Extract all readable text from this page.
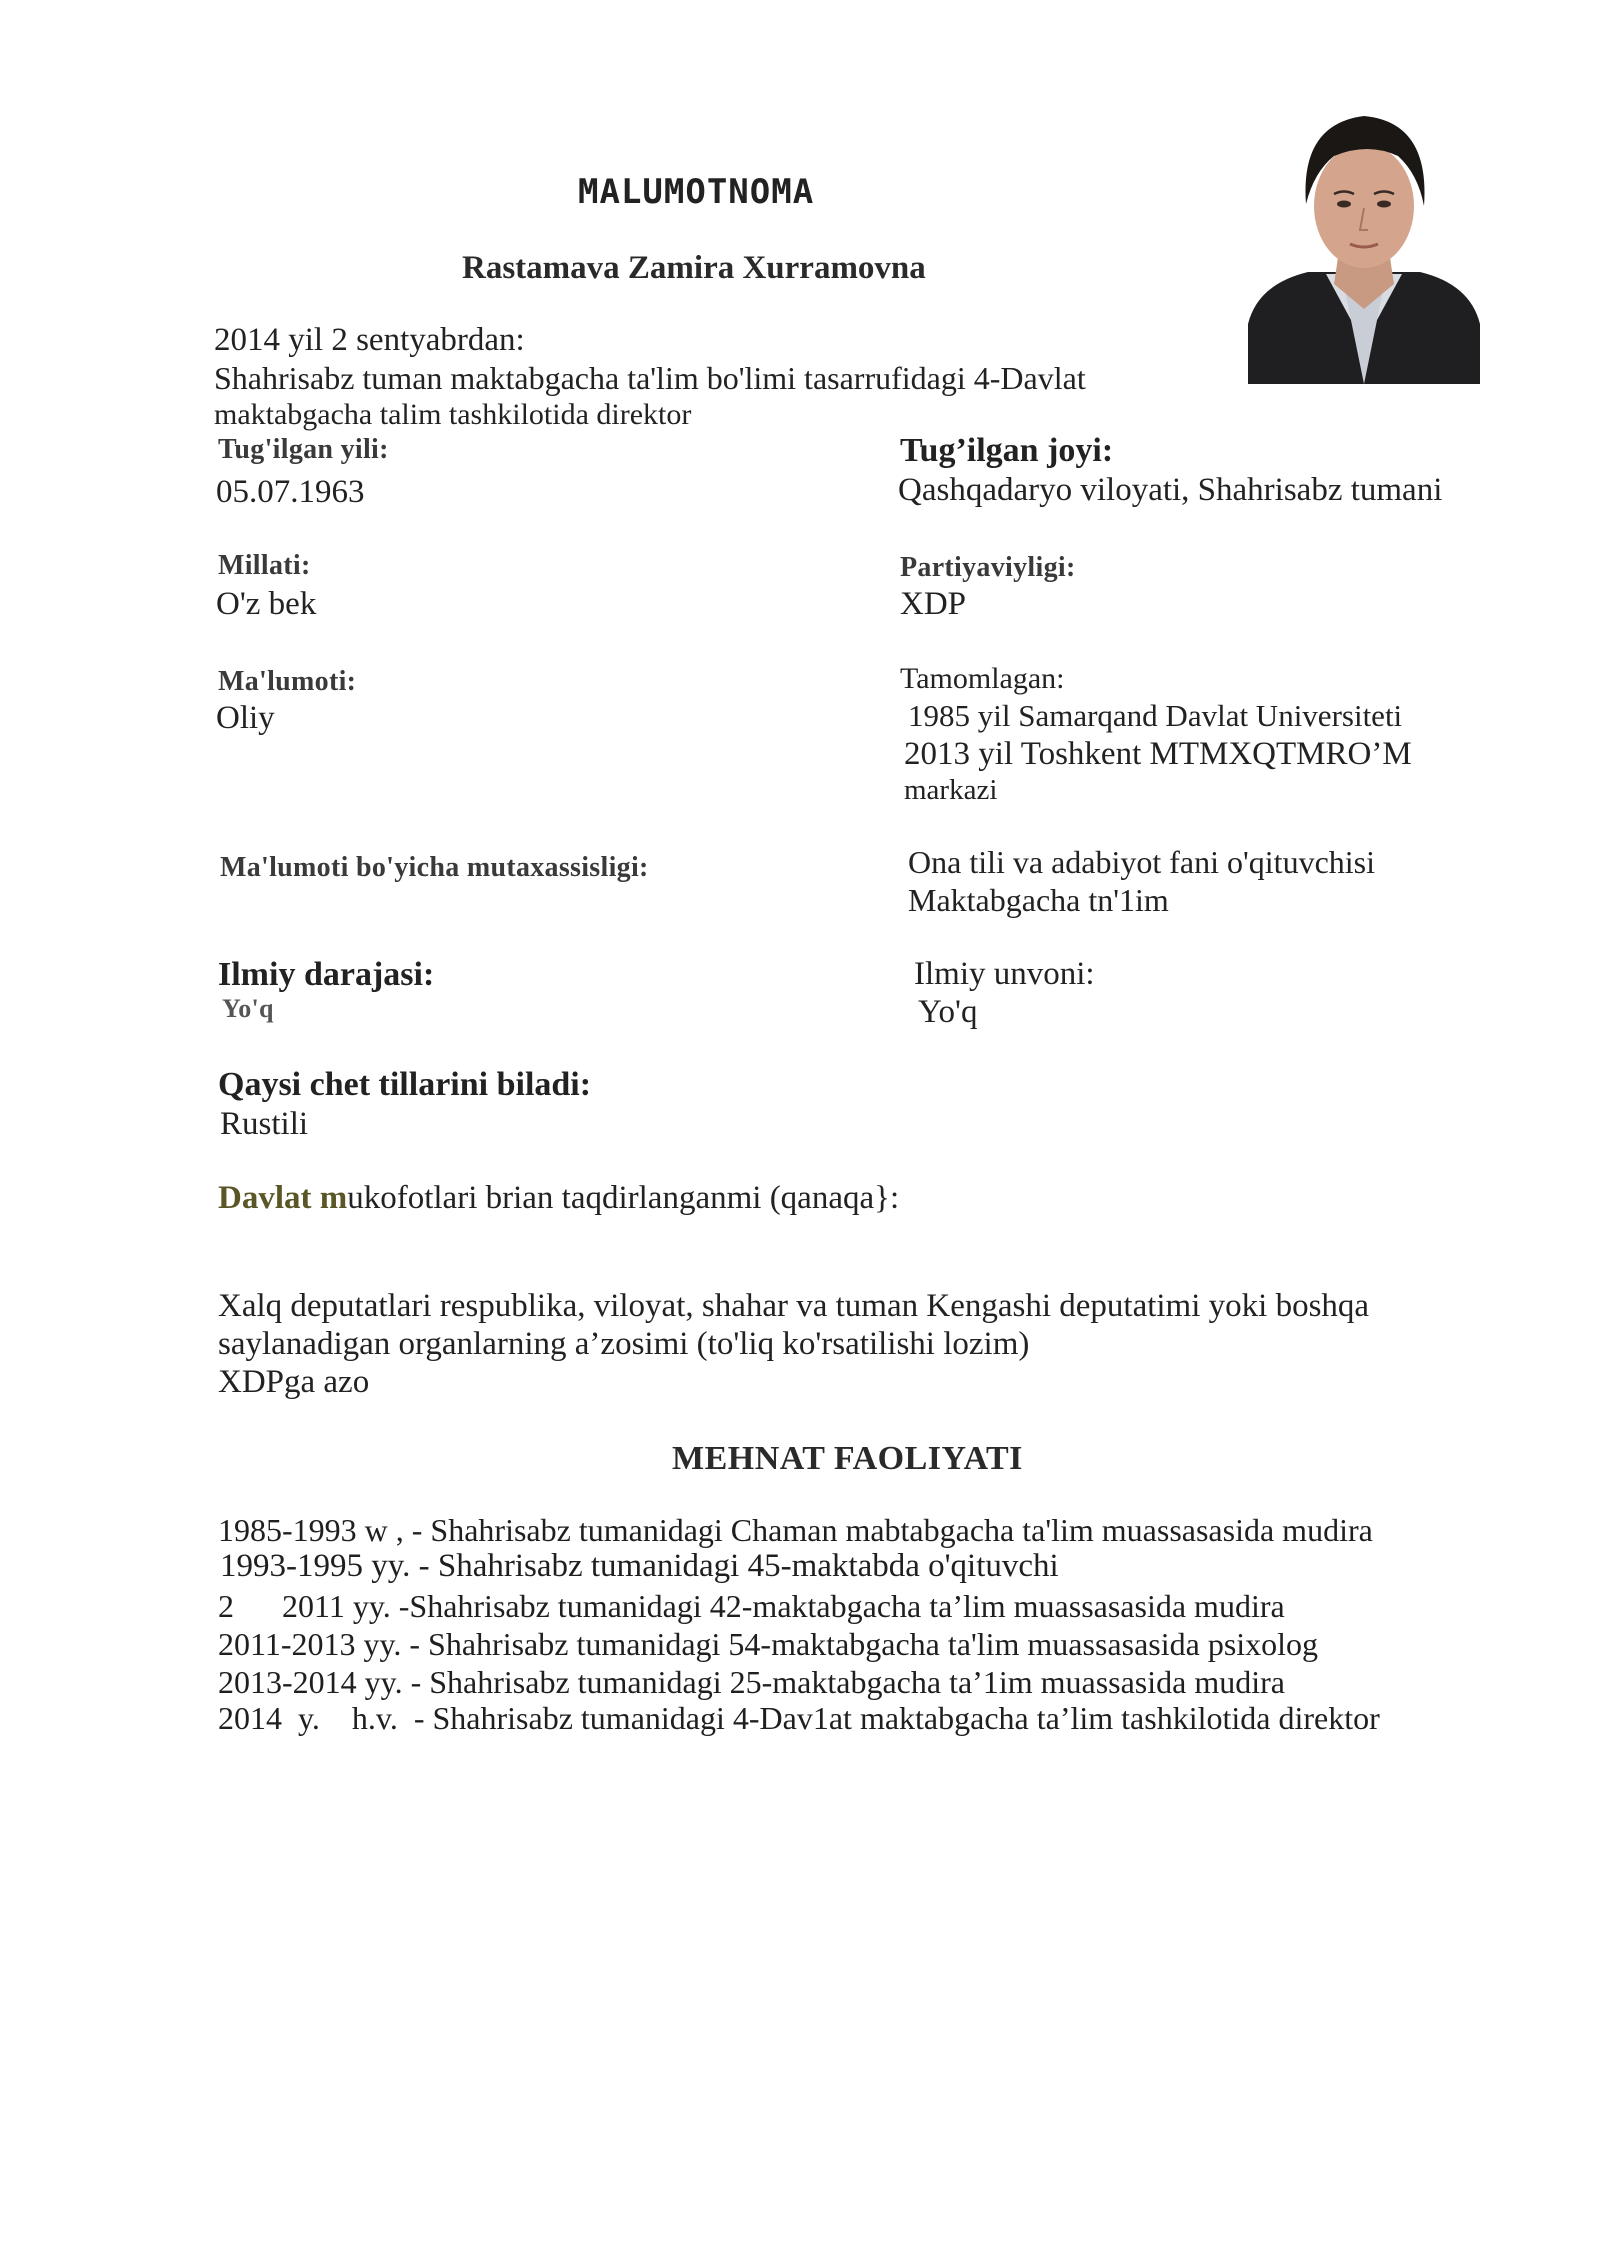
MALUMOTNOMA
Rastamava Zamira Xurramovna
2014 yil 2 sentyabrdan:
Shahrisabz tuman maktabgacha ta'lim bo'limi tasarrufidagi 4-Davlat
maktabgacha talim tashkilotida direktor
Tug'ilgan yili:
05.07.1963
Tug’ilgan joyi:
Qashqadaryo viloyati, Shahrisabz tumani
Millati:
O'z bek
Partiyaviyligi:
XDP
Ma'lumoti:
Oliy
Tamomlagan:
1985 yil Samarqand Davlat Universiteti
2013 yil Toshkent MTMXQTMRO’M
markazi
Ma'lumoti bo'yicha mutaxassisligi:	Ona tili va adabiyot fani o'qituvchisi
Maktabgacha tn'1im
Ilmiy darajasi:
Yo'q
Ilmiy unvoni:
Yo'q
Qaysi chet tillarini biladi:
Rustili
Davlat mukofotlari brian taqdirlanganmi (qanaqa}:
Xalq deputatlari respublika, viloyat, shahar va tuman Kengashi deputatimi yoki boshqa
saylanadigan organlarning a’zosimi (to'liq ko'rsatilishi lozim)
XDPga azo
MEHNAT FAOLIYATI
1985-1993 w , - Shahrisabz tumanidagi Chaman mabtabgacha ta'lim muassasasida mudira
1993-1995 yy. - Shahrisabz tumanidagi 45-maktabda o'qituvchi
2      2011 yy. -Shahrisabz tumanidagi 42-maktabgacha ta’lim muassasasida mudira
2011-2013 yy. - Shahrisabz tumanidagi 54-maktabgacha ta'lim muassasasida psixolog
2013-2014 yy. - Shahrisabz tumanidagi 25-maktabgacha ta’1im muassasida mudira
2014  y.    h.v.  - Shahrisabz tumanidagi 4-Dav1at maktabgacha ta’lim tashkilotida direktor
